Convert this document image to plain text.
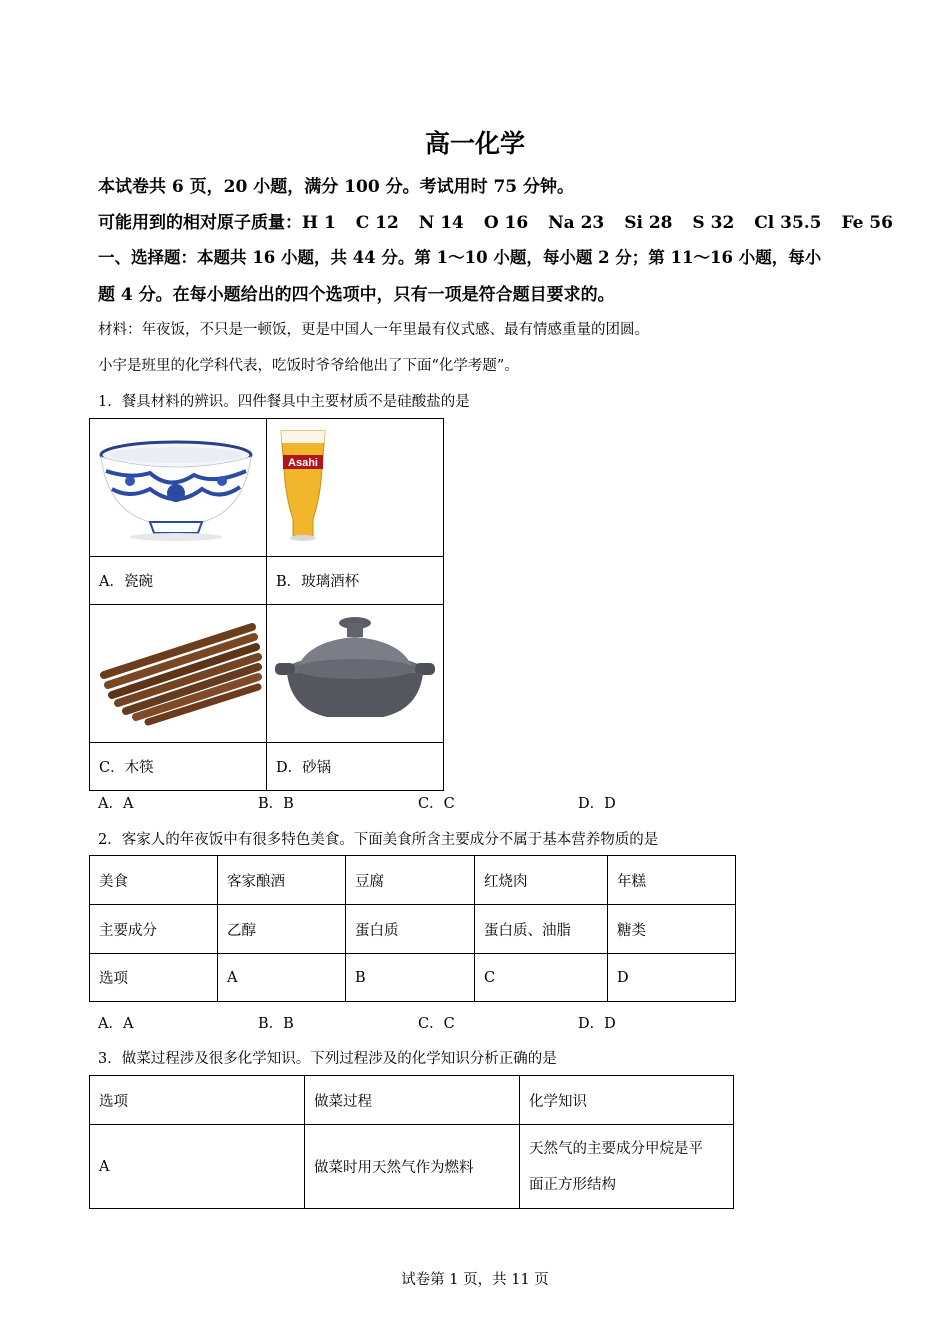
高一化学
本试卷共 6 页，20 小题，满分 100 分。考试用时 75 分钟。
可能用到的相对原子质量：H 1 C 12 N 14 O 16 Na 23 Si 28 S 32 Cl 35.5 Fe 56
一、选择题：本题共 16 小题，共 44 分。第 1～10 小题，每小题 2 分；第 11～16 小题，每小
题 4 分。在每小题给出的四个选项中，只有一项是符合题目要求的。
材料：年夜饭，不只是一顿饭，更是中国人一年里最有仪式感、最有情感重量的团圆。
小宇是班里的化学科代表，吃饭时爷爷给他出了下面“化学考题”。
1．餐具材料的辨识。四件餐具中主要材质不是硅酸盐的是

Asahi

A．瓷碗	B．玻璃酒杯

C．木筷	D．砂锅
A．A	B．B	C．C	D．D
2．客家人的年夜饭中有很多特色美食。下面美食所含主要成分不属于基本营养物质的是
美食	客家酿酒	豆腐	红烧肉	年糕
主要成分	乙醇	蛋白质	蛋白质、油脂	糖类
选项	A	B	C	D
A．A	B．B	C．C	D．D
3．做菜过程涉及很多化学知识。下列过程涉及的化学知识分析正确的是
选项	做菜过程	化学知识
A	做菜时用天然气作为燃料	天然气的主要成分甲烷是平
面正方形结构
试卷第 1 页，共 11 页
